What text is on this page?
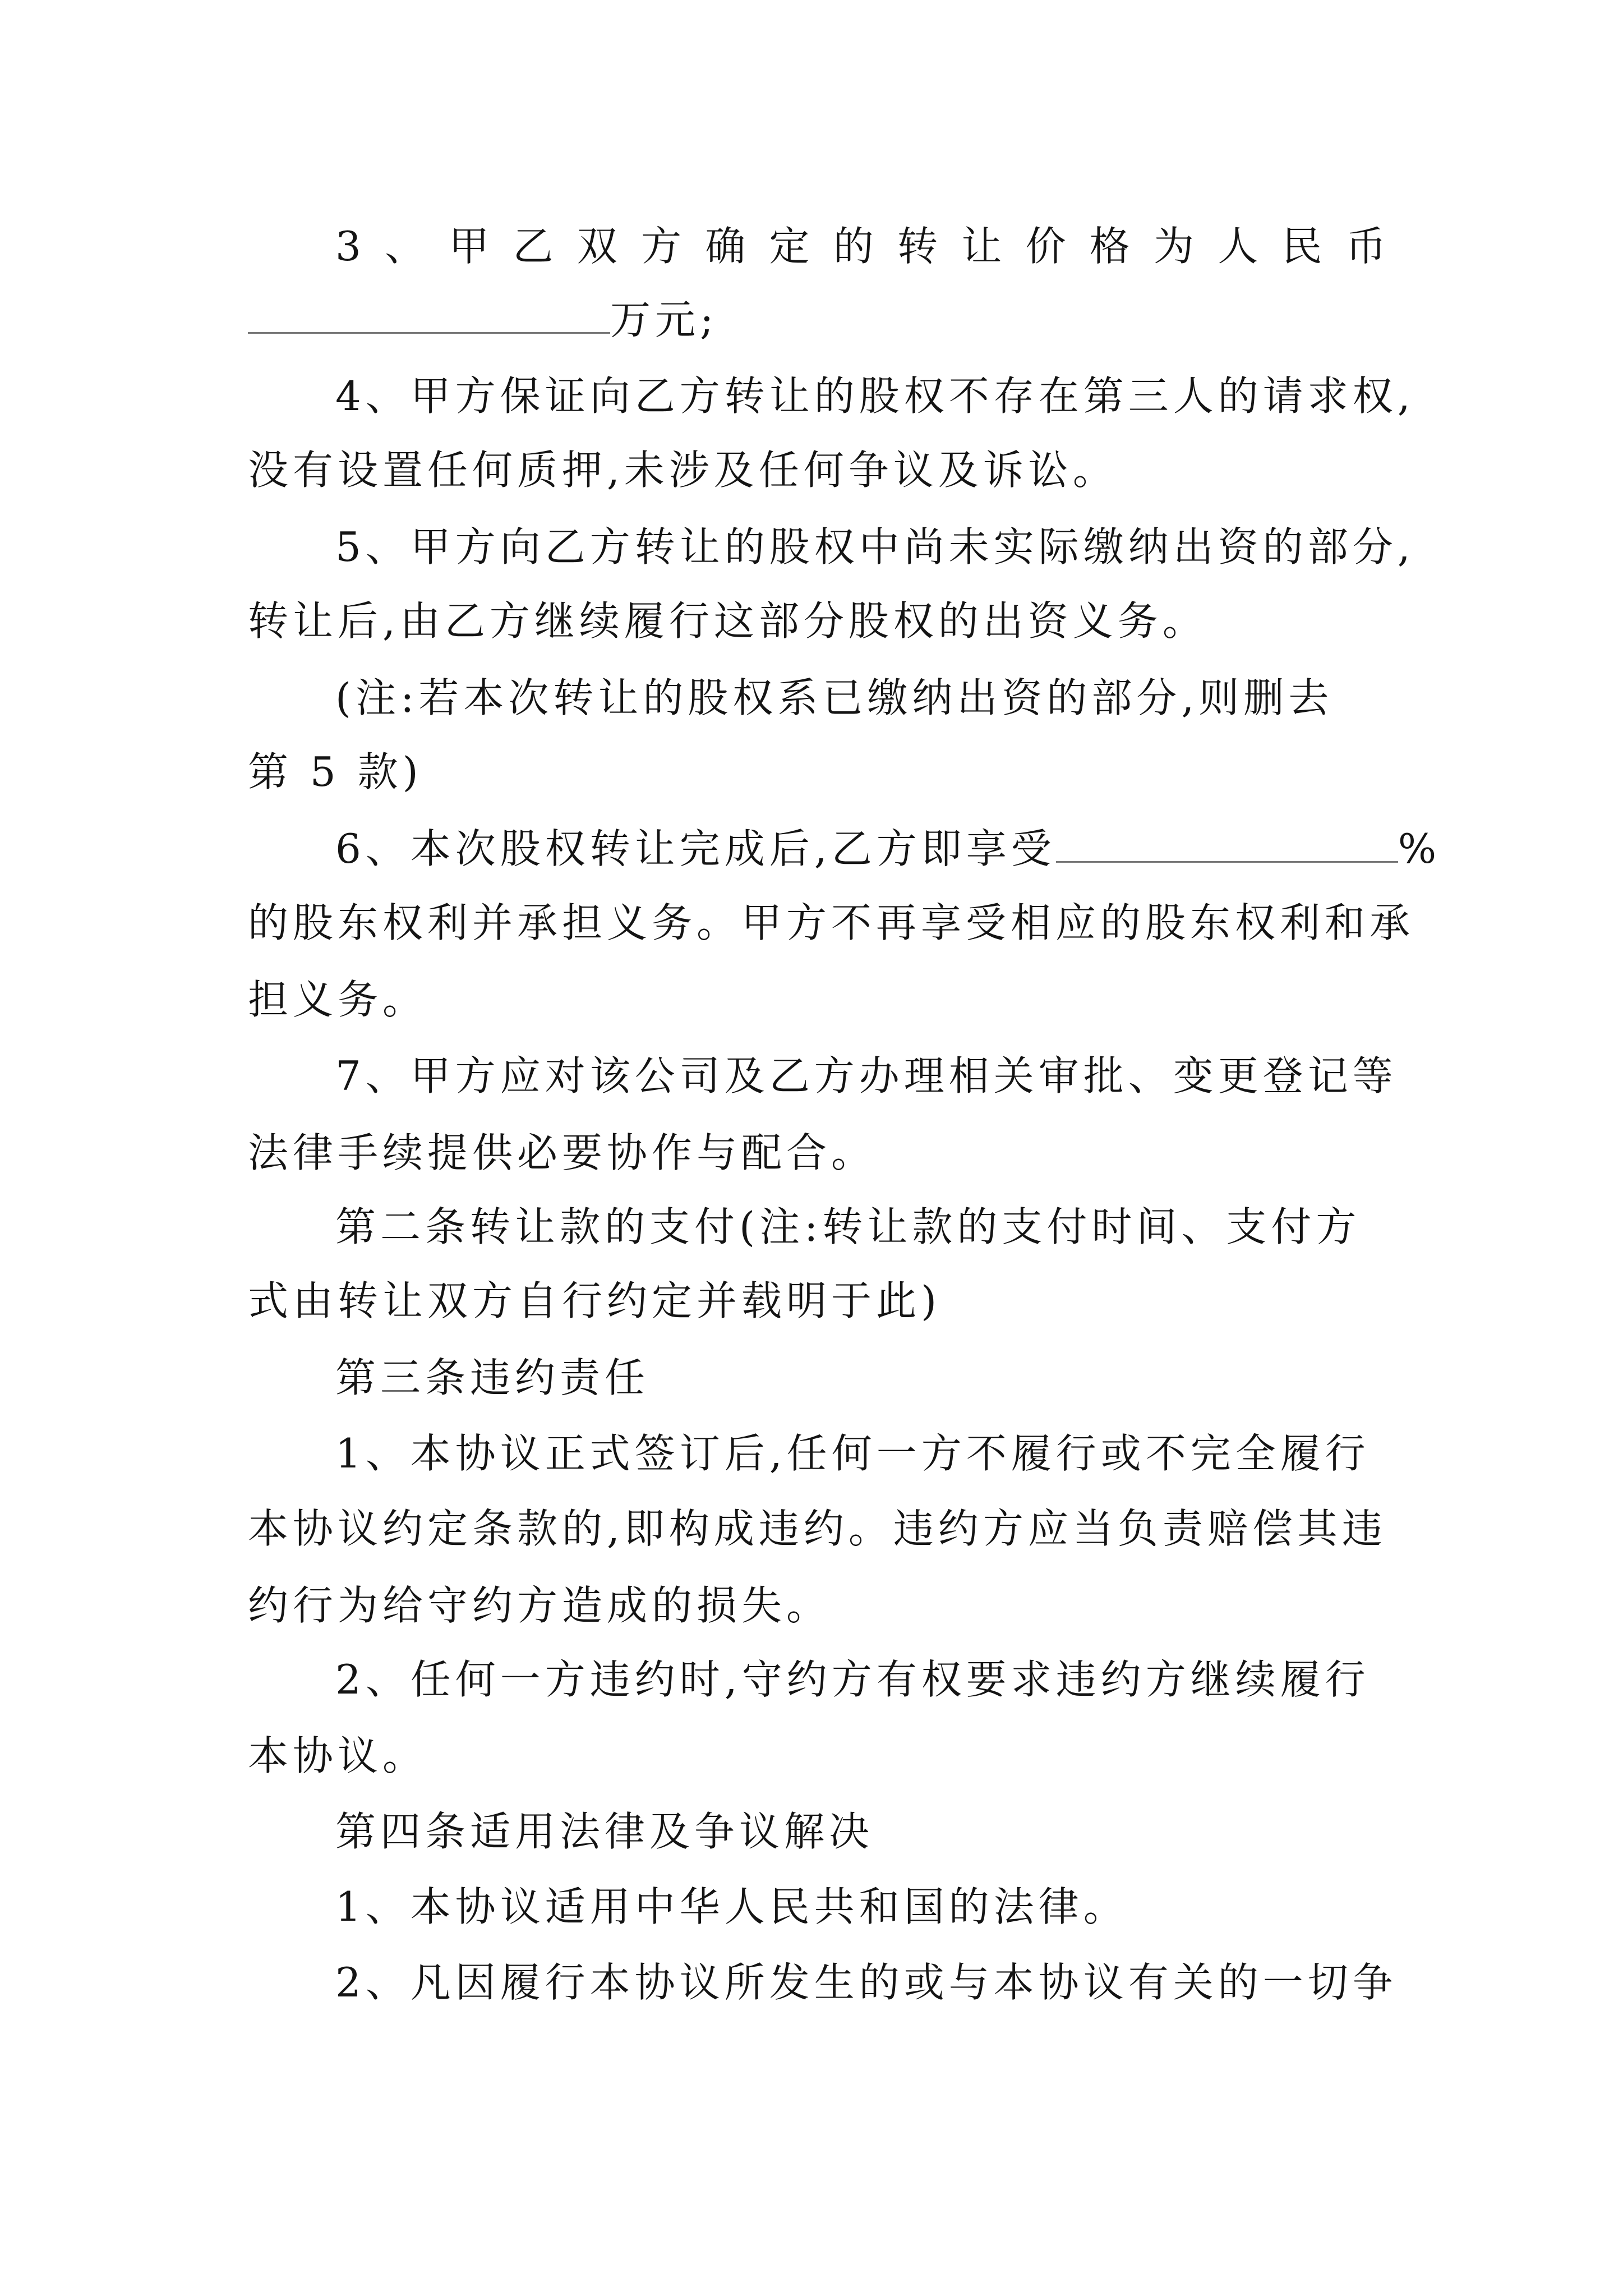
3 、 甲 乙 双 方 确 定 的 转 让 价 格 为 人 民 币
万元;
4、甲方保证向乙方转让的股权不存在第三人的请求权,
没有设置任何质押,未涉及任何争议及诉讼。
5、甲方向乙方转让的股权中尚未实际缴纳出资的部分,
转让后,由乙方继续履行这部分股权的出资义务。
(注:若本次转让的股权系已缴纳出资的部分,则删去
第 5 款)
6、本次股权转让完成后,乙方即享受	%
的股东权利并承担义务。甲方不再享受相应的股东权利和承
担义务。
7、甲方应对该公司及乙方办理相关审批、变更登记等
法律手续提供必要协作与配合。
第二条转让款的支付(注:转让款的支付时间、支付方
式由转让双方自行约定并载明于此)
第三条违约责任
1、本协议正式签订后,任何一方不履行或不完全履行
本协议约定条款的,即构成违约。违约方应当负责赔偿其违
约行为给守约方造成的损失。
2、任何一方违约时,守约方有权要求违约方继续履行
本协议。
第四条适用法律及争议解决
1、本协议适用中华人民共和国的法律。
2、凡因履行本协议所发生的或与本协议有关的一切争
